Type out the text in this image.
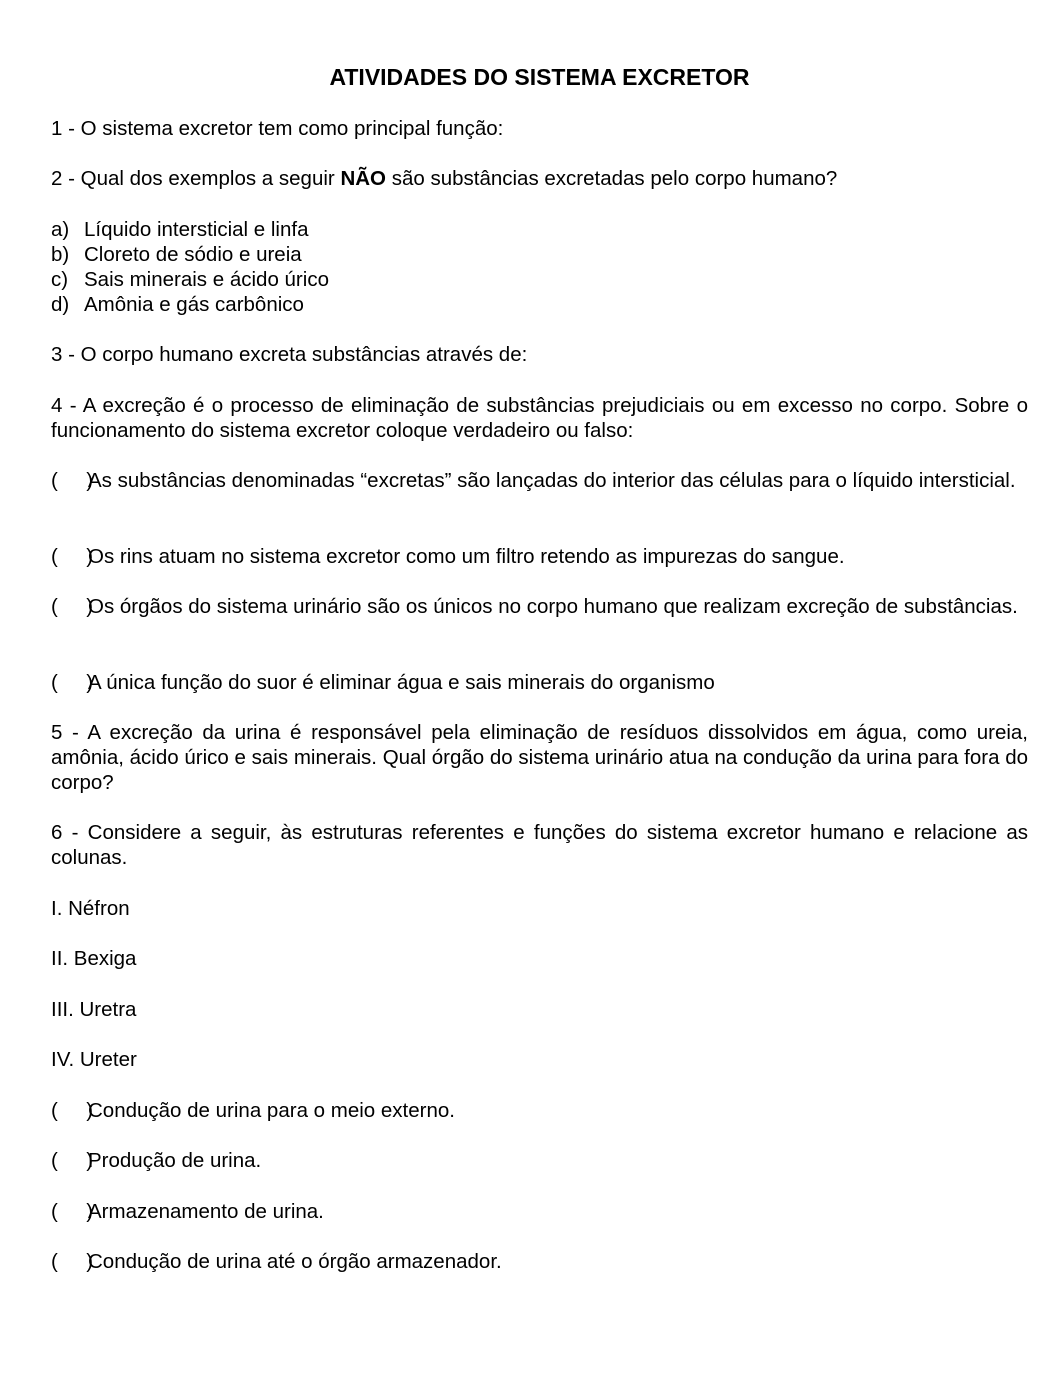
ATIVIDADES DO SISTEMA EXCRETOR

1 - O sistema excretor tem como principal função:

2 - Qual dos exemplos a seguir NÃO são substâncias excretadas pelo corpo humano?

a) Líquido intersticial e linfa

b) Cloreto de sódio e ureia

c) Sais minerais e ácido úrico

d) Amônia e gás carbônico

3 - O corpo humano excreta substâncias através de:

4 - A excreção é o processo de eliminação de substâncias prejudiciais ou em excesso no corpo. Sobre o funcionamento do sistema excretor coloque verdadeiro ou falso:

(     )As substâncias denominadas “excretas” são lançadas do interior das células para o líquido intersticial.

(     )Os rins atuam no sistema excretor como um filtro retendo as impurezas do sangue.

(     )Os órgãos do sistema urinário são os únicos no corpo humano que realizam excreção de substâncias.

(     )A única função do suor é eliminar água e sais minerais do organismo

5 - A excreção da urina é responsável pela eliminação de resíduos dissolvidos em água, como ureia, amônia, ácido úrico e sais minerais. Qual órgão do sistema urinário atua na condução da urina para fora do corpo?

6 - Considere a seguir, às estruturas referentes e funções do sistema excretor humano e relacione as colunas.

I. Néfron

II. Bexiga

III. Uretra

IV. Ureter

(     )Condução de urina para o meio externo.

(     )Produção de urina.

(     )Armazenamento de urina.

(     )Condução de urina até o órgão armazenador.
